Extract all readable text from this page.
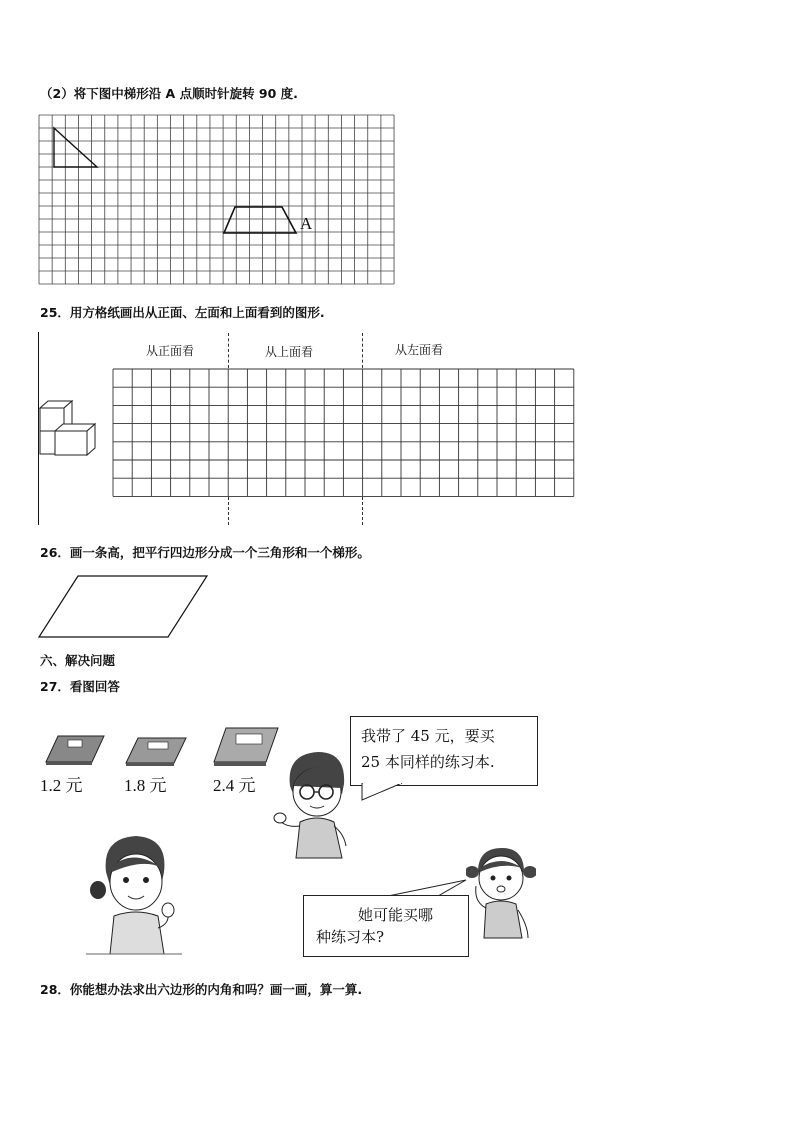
（2）将下图中梯形沿 A 点顺时针旋转 90 度.
A
25．用方格纸画出从正面、左面和上面看到的图形.
从正面看	从上面看	从左面看
26．画一条高，把平行四边形分成一个三角形和一个梯形。
六、解决问题
27．看图回答
1.2 元 1.8 元	2.4 元
我带了 45 元，要买
25 本同样的练习本.
她可能买哪
种练习本?
28．你能想办法求出六边形的内角和吗？画一画，算一算.
